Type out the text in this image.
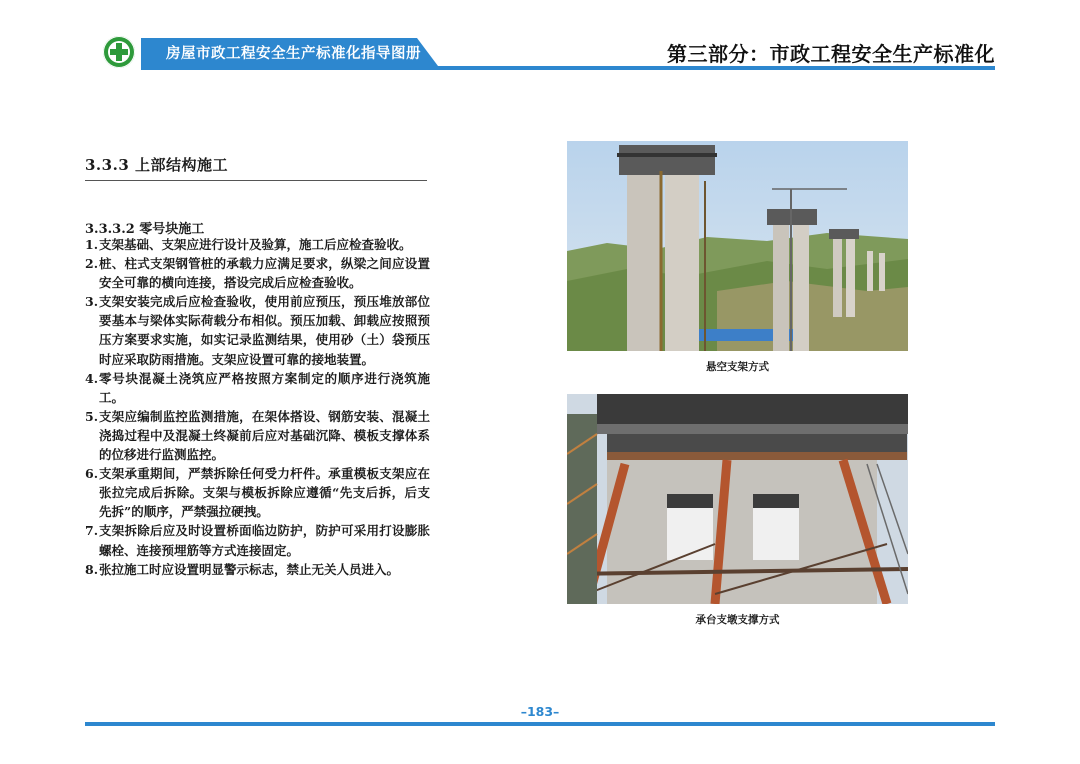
房屋市政工程安全生产标准化指导图册	第三部分：市政工程安全生产标准化
3.3.3 上部结构施工
3.3.3.2 零号块施工
1. 支架基础、支架应进行设计及验算，施工后应检查验收。
2. 桩、柱式支架钢管桩的承载力应满足要求，纵梁之间应设置安全可靠的横向连接，搭设完成后应检查验收。
3. 支架安装完成后应检查验收，使用前应预压，预压堆放部位要基本与梁体实际荷载分布相似。预压加载、卸载应按照预压方案要求实施，如实记录监测结果，使用砂（土）袋预压时应采取防雨措施。支架应设置可靠的接地装置。
4. 零号块混凝土浇筑应严格按照方案制定的顺序进行浇筑施工。
5. 支架应编制监控监测措施，在架体搭设、钢筋安装、混凝土浇捣过程中及混凝土终凝前后应对基础沉降、模板支撑体系的位移进行监测监控。
6. 支架承重期间，严禁拆除任何受力杆件。承重模板支架应在张拉完成后拆除。支架与模板拆除应遵循“先支后拆，后支先拆”的顺序，严禁强拉硬拽。
7. 支架拆除后应及时设置桥面临边防护，防护可采用打设膨胀螺栓、连接预埋筋等方式连接固定。
8. 张拉施工时应设置明显警示标志，禁止无关人员进入。
悬空支架方式
承台支墩支撑方式
–183–
